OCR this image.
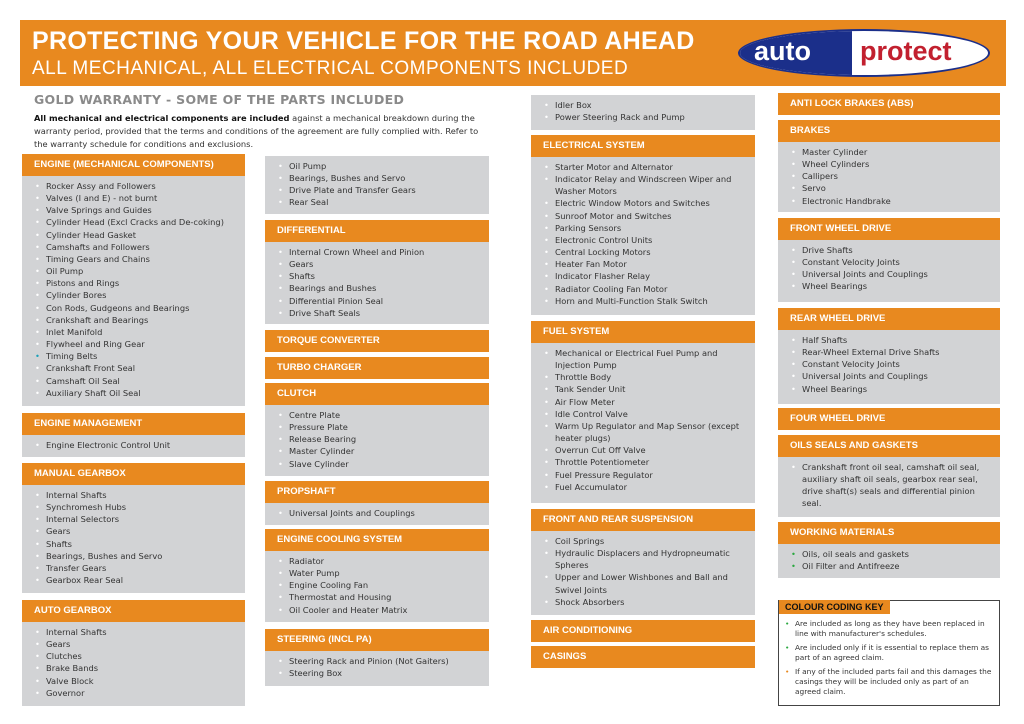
PROTECTING YOUR VEHICLE FOR THE ROAD AHEAD
ALL MECHANICAL, ALL ELECTRICAL COMPONENTS INCLUDED
auto protect
GOLD WARRANTY - SOME OF THE PARTS INCLUDED
All mechanical and electrical components are included against a mechanical breakdown during the warranty period, provided that the terms and conditions of the agreement are fully complied with. Refer to the warranty schedule for conditions and exclusions.
ENGINE (MECHANICAL COMPONENTS)
• Rocker Assy and Followers
• Valves (I and E) - not burnt
• Valve Springs and Guides
• Cylinder Head (Excl Cracks and De-coking)
• Cylinder Head Gasket
• Camshafts and Followers
• Timing Gears and Chains
• Oil Pump
• Pistons and Rings
• Cylinder Bores
• Con Rods, Gudgeons and Bearings
• Crankshaft and Bearings
• Inlet Manifold
• Flywheel and Ring Gear
• Timing Belts
• Crankshaft Front Seal
• Camshaft Oil Seal
• Auxiliary Shaft Oil Seal
ENGINE MANAGEMENT
• Engine Electronic Control Unit
MANUAL GEARBOX
• Internal Shafts
• Synchromesh Hubs
• Internal Selectors
• Gears
• Shafts
• Bearings, Bushes and Servo
• Transfer Gears
• Gearbox Rear Seal
AUTO GEARBOX
• Internal Shafts
• Gears
• Clutches
• Brake Bands
• Valve Block
• Governor
• Oil Pump
• Bearings, Bushes and Servo
• Drive Plate and Transfer Gears
• Rear Seal
DIFFERENTIAL
• Internal Crown Wheel and Pinion
• Gears
• Shafts
• Bearings and Bushes
• Differential Pinion Seal
• Drive Shaft Seals
TORQUE CONVERTER
TURBO CHARGER
CLUTCH
• Centre Plate
• Pressure Plate
• Release Bearing
• Master Cylinder
• Slave Cylinder
PROPSHAFT
• Universal Joints and Couplings
ENGINE COOLING SYSTEM
• Radiator
• Water Pump
• Engine Cooling Fan
• Thermostat and Housing
• Oil Cooler and Heater Matrix
STEERING (INCL PA)
• Steering Rack and Pinion (Not Gaiters)
• Steering Box
• Idler Box
• Power Steering Rack and Pump
ELECTRICAL SYSTEM
• Starter Motor and Alternator
• Indicator Relay and Windscreen Wiper and Washer Motors
• Electric Window Motors and Switches
• Sunroof Motor and Switches
• Parking Sensors
• Electronic Control Units
• Central Locking Motors
• Heater Fan Motor
• Indicator Flasher Relay
• Radiator Cooling Fan Motor
• Horn and Multi-Function Stalk Switch
FUEL SYSTEM
• Mechanical or Electrical Fuel Pump and Injection Pump
• Throttle Body
• Tank Sender Unit
• Air Flow Meter
• Idle Control Valve
• Warm Up Regulator and Map Sensor (except heater plugs)
• Overrun Cut Off Valve
• Throttle Potentiometer
• Fuel Pressure Regulator
• Fuel Accumulator
FRONT AND REAR SUSPENSION
• Coil Springs
• Hydraulic Displacers and Hydropneumatic Spheres
• Upper and Lower Wishbones and Ball and Swivel Joints
• Shock Absorbers
AIR CONDITIONING
CASINGS
ANTI LOCK BRAKES (ABS)
BRAKES
• Master Cylinder
• Wheel Cylinders
• Callipers
• Servo
• Electronic Handbrake
FRONT WHEEL DRIVE
• Drive Shafts
• Constant Velocity Joints
• Universal Joints and Couplings
• Wheel Bearings
REAR WHEEL DRIVE
• Half Shafts
• Rear-Wheel External Drive Shafts
• Constant Velocity Joints
• Universal Joints and Couplings
• Wheel Bearings
FOUR WHEEL DRIVE
OILS SEALS AND GASKETS
• Crankshaft front oil seal, camshaft oil seal, auxiliary shaft oil seals, gearbox rear seal, drive shaft(s) seals and differential pinion seal.
WORKING MATERIALS
• Oils, oil seals and gaskets
• Oil Filter and Antifreeze
COLOUR CODING KEY
• Are included as long as they have been replaced in line with manufacturer's schedules.
• Are included only if it is essential to replace them as part of an agreed claim.
• If any of the included parts fail and this damages the casings they will be included only as part of an agreed claim.
